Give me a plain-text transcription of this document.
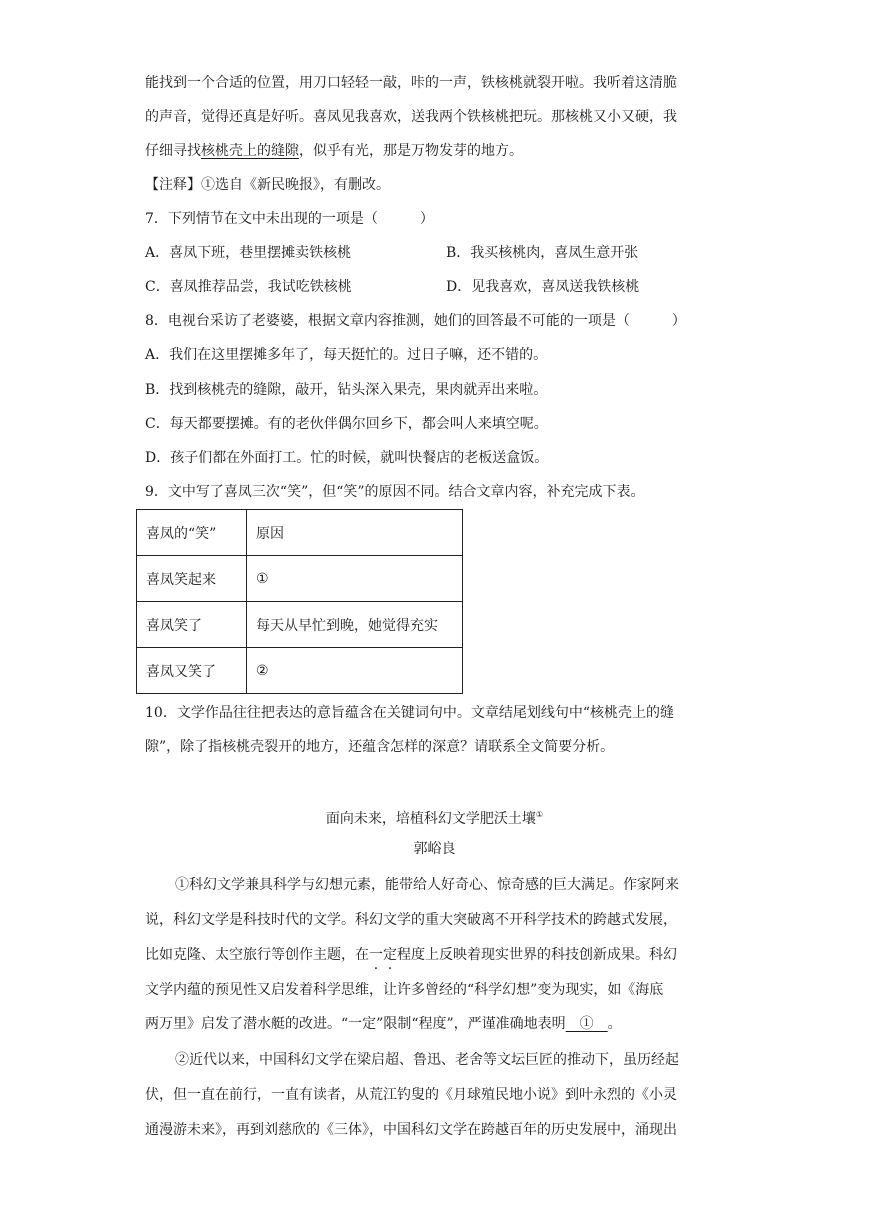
能找到一个合适的位置，用刀口轻轻一敲，咔的一声，铁核桃就裂开啦。我听着这清脆
的声音，觉得还真是好听。喜凤见我喜欢，送我两个铁核桃把玩。那核桃又小又硬，我
仔细寻找核桃壳上的缝隙，似乎有光，那是万物发芽的地方。
【注释】①选自《新民晚报》，有删改。
7．下列情节在文中未出现的一项是（　　　）
A．喜凤下班，巷里摆摊卖铁核桃	B．我买核桃肉，喜凤生意开张
C．喜凤推荐品尝，我试吃铁核桃	D．见我喜欢，喜凤送我铁核桃
8．电视台采访了老婆婆，根据文章内容推测，她们的回答最不可能的一项是（　　　）
A．我们在这里摆摊多年了，每天挺忙的。过日子嘛，还不错的。
B．找到核桃壳的缝隙，敲开，钻头深入果壳，果肉就弄出来啦。
C．每天都要摆摊。有的老伙伴偶尔回乡下，都会叫人来填空呢。
D．孩子们都在外面打工。忙的时候，就叫快餐店的老板送盒饭。
9．文中写了喜凤三次“笑”，但“笑”的原因不同。结合文章内容，补充完成下表。
喜凤的“笑”	原因
喜凤笑起来	①
喜凤笑了	每天从早忙到晚，她觉得充实
喜凤又笑了	②
10．文学作品往往把表达的意旨蕴含在关键词句中。文章结尾划线句中“核桃壳上的缝
隙”，除了指核桃壳裂开的地方，还蕴含怎样的深意？请联系全文简要分析。
面向未来，培植科幻文学肥沃土壤①
郭峪良
①科幻文学兼具科学与幻想元素，能带给人好奇心、惊奇感的巨大满足。作家阿来
说，科幻文学是科技时代的文学。科幻文学的重大突破离不开科学技术的跨越式发展，
比如克隆、太空旅行等创作主题，在一定程度上反映着现实世界的科技创新成果。科幻
文学内蕴的预见性又启发着科学思维，让许多曾经的“科学幻想”变为现实，如《海底
两万里》启发了潜水艇的改进。“一定”限制“程度”，严谨准确地表明　①　。
②近代以来，中国科幻文学在梁启超、鲁迅、老舍等文坛巨匠的推动下，虽历经起
伏，但一直在前行，一直有读者，从荒江钓叟的《月球殖民地小说》到叶永烈的《小灵
通漫游未来》，再到刘慈欣的《三体》，中国科幻文学在跨越百年的历史发展中，涌现出
